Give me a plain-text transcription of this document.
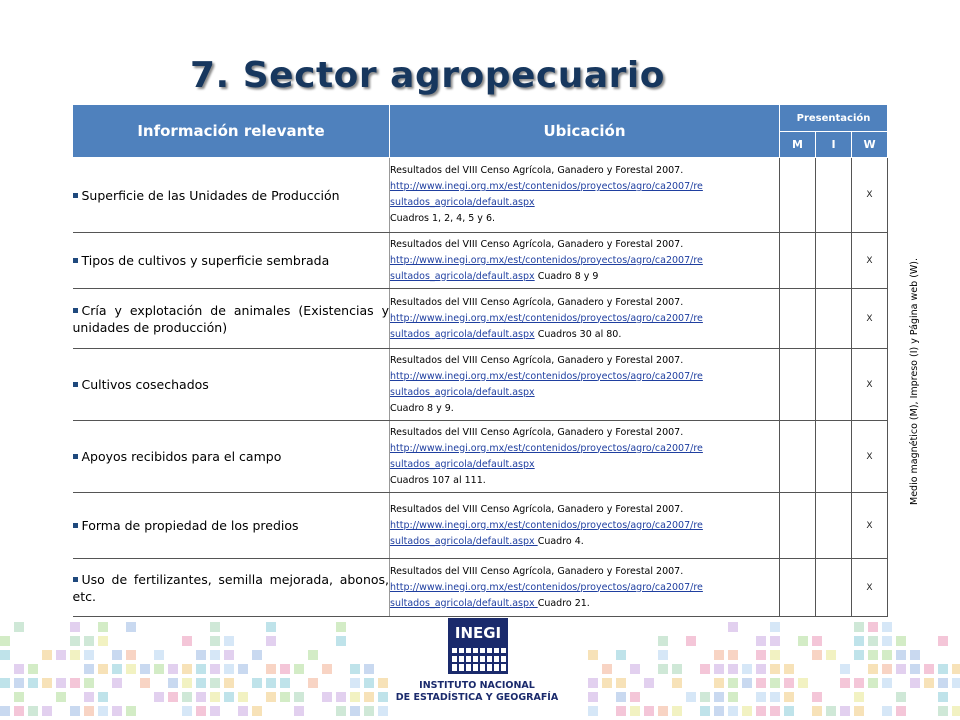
7. Sector agropecuario
Información relevante	Ubicación	Presentación		
		M	I	W
Superficie de las Unidades de Producción	Resultados del VIII Censo Agrícola, Ganadero y Forestal 2007.
http://www.inegi.org.mx/est/contenidos/proyectos/agro/ca2007/re
sultados_agricola/default.aspx
Cuadros 1, 2, 4, 5 y 6.			X
Tipos de cultivos y superficie sembrada	Resultados del VIII Censo Agrícola, Ganadero y Forestal 2007.
http://www.inegi.org.mx/est/contenidos/proyectos/agro/ca2007/re
sultados_agricola/default.aspx Cuadro 8 y 9			X
Cría y explotación de animales (Existencias y unidades de producción)	Resultados del VIII Censo Agrícola, Ganadero y Forestal 2007.
http://www.inegi.org.mx/est/contenidos/proyectos/agro/ca2007/re
sultados_agricola/default.aspx Cuadros 30 al 80.			X
Cultivos cosechados	Resultados del VIII Censo Agrícola, Ganadero y Forestal 2007.
http://www.inegi.org.mx/est/contenidos/proyectos/agro/ca2007/re
sultados_agricola/default.aspx
Cuadro 8 y 9.			X
Apoyos recibidos para el campo	Resultados del VIII Censo Agrícola, Ganadero y Forestal 2007.
http://www.inegi.org.mx/est/contenidos/proyectos/agro/ca2007/re
sultados_agricola/default.aspx
Cuadros 107 al 111.			X
Forma de propiedad de los predios	Resultados del VIII Censo Agrícola, Ganadero y Forestal 2007.
http://www.inegi.org.mx/est/contenidos/proyectos/agro/ca2007/re
sultados_agricola/default.aspx Cuadro 4.			X
Uso de fertilizantes, semilla mejorada, abonos, etc.	Resultados del VIII Censo Agrícola, Ganadero y Forestal 2007.
http://www.inegi.org.mx/est/contenidos/proyectos/agro/ca2007/re
sultados_agricola/default.aspx Cuadro 21.			X
Medio magnético (M), Impreso (I) y Página web (W).
INEGI
INSTITUTO NACIONAL
DE ESTADÍSTICA Y GEOGRAFÍA
